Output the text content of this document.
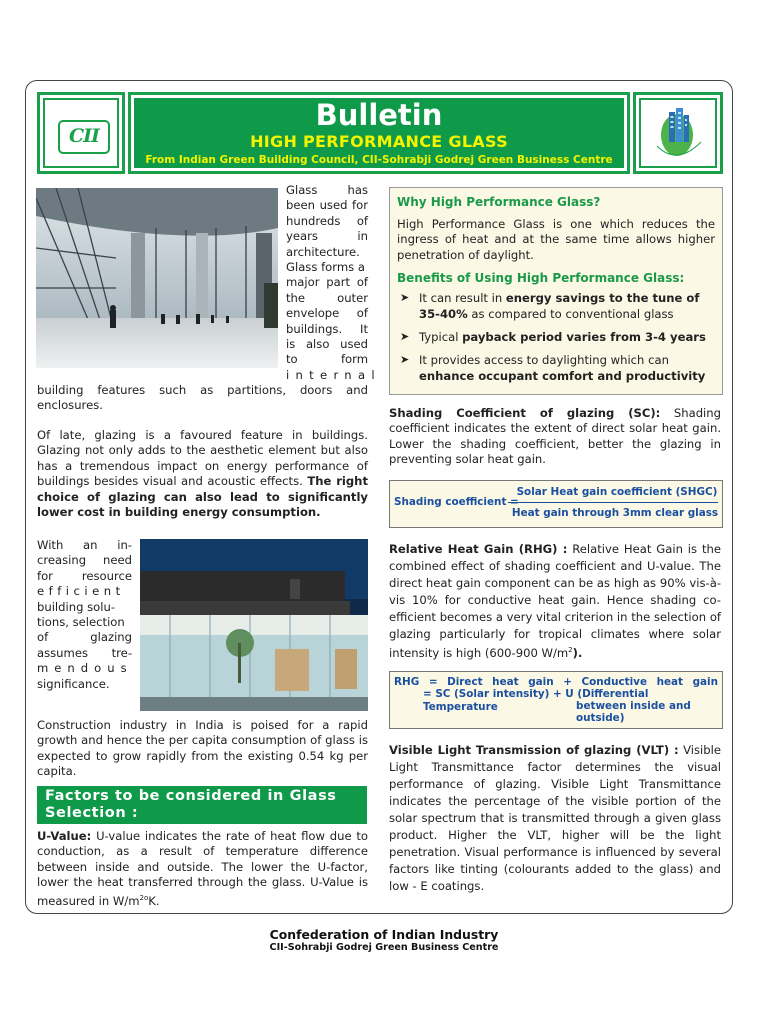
CII
Bulletin
HIGH PERFORMANCE GLASS
From Indian Green Building Council, CII-Sohrabji Godrej Green Business Centre
Glass has
been used for
hundreds of
years in
architecture.
Glass forms a
major part of
the outer
envelope of
buildings. It
is also used
to form
internal
building features such as partitions, doors and enclosures.
Of late, glazing is a favoured feature in buildings. Glazing not only adds to the aesthetic element but also has a tremendous impact on energy performance of buildings besides visual and acoustic effects. The right choice of glazing can also lead to significantly lower cost in building energy consumption.
With an in-
creasing need
for resource
efficient
building solu-
tions, selection
of glazing
assumes tre-
mendous
significance.
Construction industry in India is poised for a rapid growth and hence the per capita consumption of glass is expected to grow rapidly from the existing 0.54 kg per capita.
Factors to be considered in Glass Selection :
U-Value: U-value indicates the rate of heat flow due to conduction, as a result of temperature difference between inside and outside. The lower the U-factor, lower the heat transferred through the glass. U-Value is measured in $W/m^{2o}K$.
Why High Performance Glass?
High Performance Glass is one which reduces the ingress of heat and at the same time allows higher penetration of daylight.
Benefits of Using High Performance Glass:
➤ It can result in energy savings to the tune of 35-40% as compared to conventional glass
➤ Typical payback period varies from 3-4 years
➤ It provides access to daylighting which can enhance occupant comfort and productivity
Shading Coefficient of glazing (SC): Shading coefficient indicates the extent of direct solar heat gain. Lower the shading coefficient, better the glazing in preventing solar heat gain.
Shading coefficient =
Solar Heat gain coefficient (SHGC)
Heat gain through 3mm clear glass
Relative Heat Gain (RHG) : Relative Heat Gain is the combined effect of shading coefficient and U-value. The direct heat gain component can be as high as 90% vis-à-vis 10% for conductive heat gain. Hence shading co-efficient becomes a very vital criterion in the selection of glazing particularly for tropical climates where solar intensity is high (600-900 $W/m^2$).
RHG = Direct heat gain + Conductive heat gain
= SC (Solar intensity) + U (Differential Temperature	between inside and
outside)
Visible Light Transmission of glazing (VLT) : Visible Light Transmittance factor determines the visual performance of glazing. Visible Light Transmittance indicates the percentage of the visible portion of the solar spectrum that is transmitted through a given glass product. Higher the VLT, higher will be the light penetration. Visual performance is influenced by several factors like tinting (colourants added to the glass) and low - E coatings.
Confederation of Indian Industry
CII-Sohrabji Godrej Green Business Centre
